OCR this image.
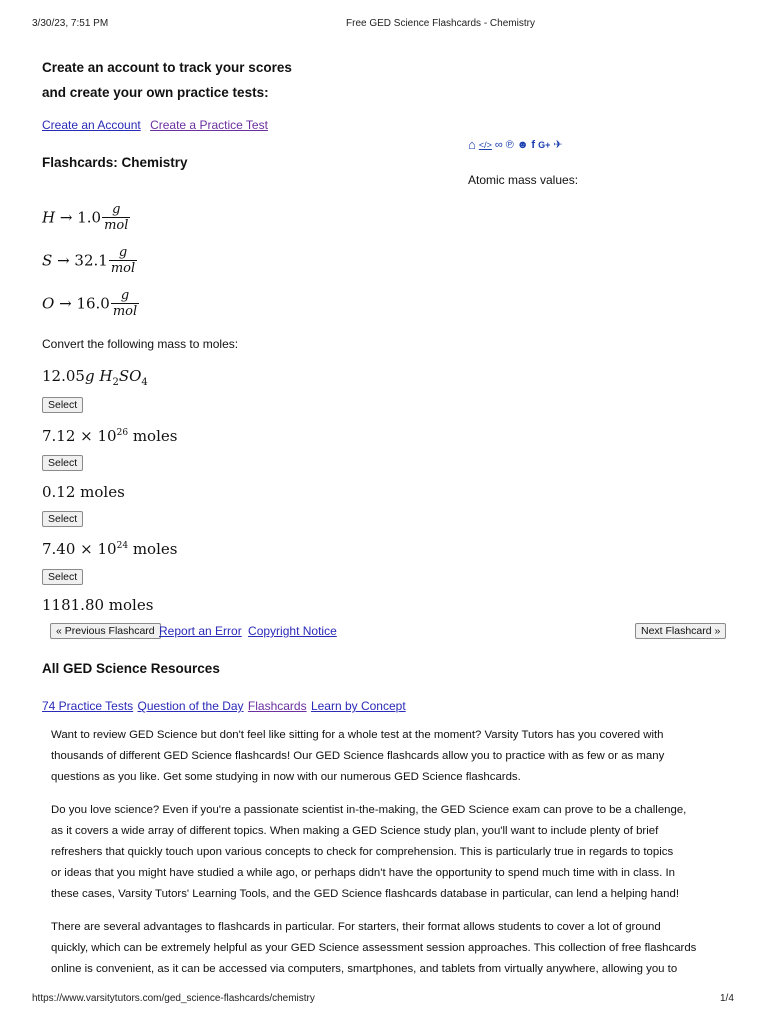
3/30/23, 7:51 PM	Free GED Science Flashcards - Chemistry
Create an account to track your scores
and create your own practice tests:
Create an Account Create a Practice Test
⌂ </> ∞ ℗ ☻ f G+ ✈
Flashcards: Chemistry
Atomic mass values:
$H \to 1.0 \frac{g}{\text{mol}}$
$S \to 32.1 \frac{g}{\text{mol}}$
$O \to 16.0 \frac{g}{\text{mol}}$
Convert the following mass to moles:
12.05g $H_2SO_4$
Select
$7.12 \times 10^{26}$ moles
Select
0.12 moles
Select
$7.40 \times 10^{24}$ moles
Select
1181.80 moles
« Previous Flashcard Report an Error Copyright Notice	Next Flashcard »
All GED Science Resources
74 Practice Tests Question of the Day Flashcards Learn by Concept

Want to review GED Science but don't feel like sitting for a whole test at the moment? Varsity Tutors has you covered with

thousands of different GED Science flashcards! Our GED Science flashcards allow you to practice with as few or as many

questions as you like. Get some studying in now with our numerous GED Science flashcards.

Do you love science? Even if you're a passionate scientist in-the-making, the GED Science exam can prove to be a challenge,

as it covers a wide array of different topics. When making a GED Science study plan, you'll want to include plenty of brief

refreshers that quickly touch upon various concepts to check for comprehension. This is particularly true in regards to topics

or ideas that you might have studied a while ago, or perhaps didn't have the opportunity to spend much time with in class. In

these cases, Varsity Tutors' Learning Tools, and the GED Science flashcards database in particular, can lend a helping hand!

There are several advantages to flashcards in particular. For starters, their format allows students to cover a lot of ground

quickly, which can be extremely helpful as your GED Science assessment session approaches. This collection of free flashcards

online is convenient, as it can be accessed via computers, smartphones, and tablets from virtually anywhere, allowing you to

https://www.varsitytutors.com/ged_science-flashcards/chemistry	1/4
